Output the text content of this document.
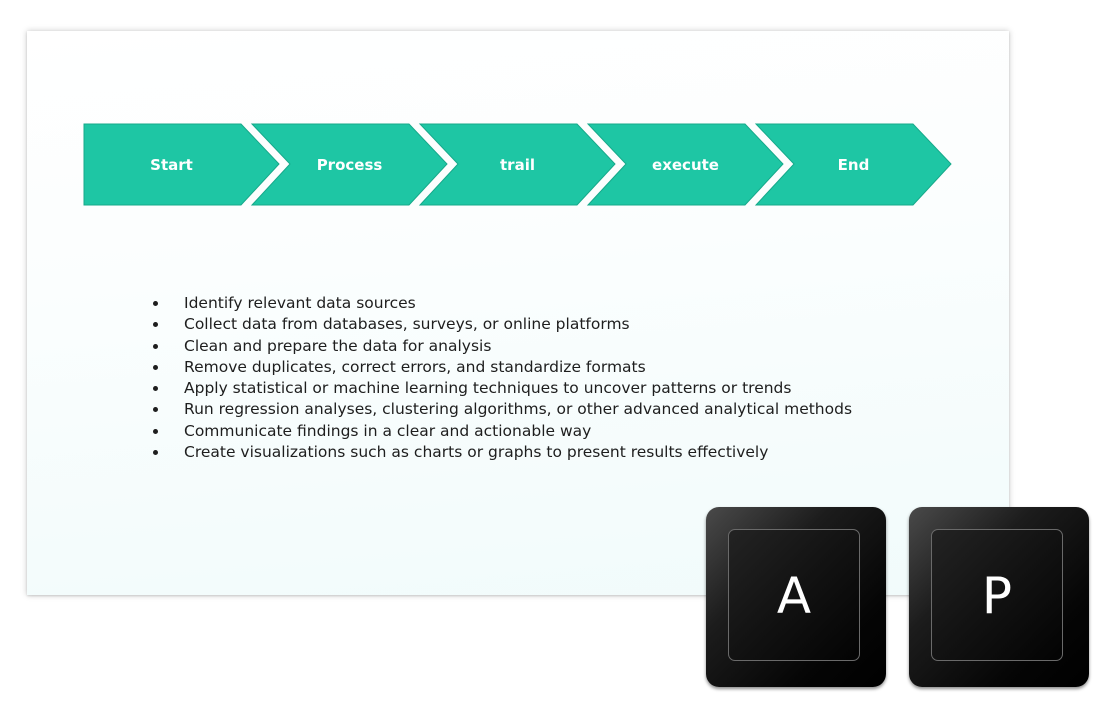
Start	Process	trail	execute	End
Identify relevant data sources
Collect data from databases, surveys, or online platforms
Clean and prepare the data for analysis
Remove duplicates, correct errors, and standardize formats
Apply statistical or machine learning techniques to uncover patterns or trends
Run regression analyses, clustering algorithms, or other advanced analytical methods
Communicate findings in a clear and actionable way
Create visualizations such as charts or graphs to present results effectively
A	P
